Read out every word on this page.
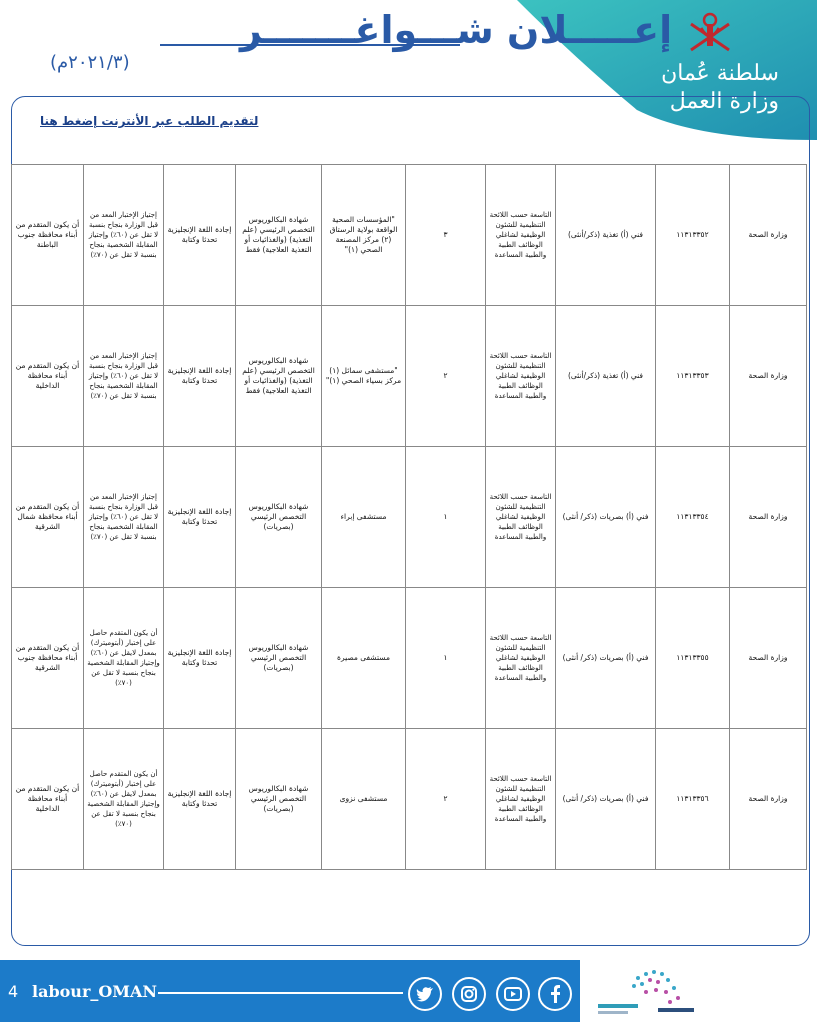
سلطنة عُمان
وزارة العمل
إعـــــلان شـــواغـــــــر
(٢٠٢١/٣م)
لتقديم الطلب عبر الأنترنت إضغط هنا
أن يكون المتقدم من أبناء محافظة جنوب الباطنة	إجتياز الإختبار المعد من قبل الوزارة بنجاح بنسبة لا تقل عن (٦٠٪) وإجتياز المقابلة الشخصية بنجاح بنسبة لا تقل عن (٧٠٪)	إجادة اللغة الإنجليزية تحدثا وكتابة	شهادة البكالوريوس التخصص الرئيسي (علم التغذية) (والغذائيات أو التغذية العلاجية) فقط	"المؤسسات الصحية الواقعة بولاية الرستاق (٢) مركز المصنعة الصحي (١)"	٣	التاسعة حسب اللائحة التنظيمية للشئون الوظيفية لشاغلي الوظائف الطبية والطبية المساعدة	فني (أ) تغذية (ذكر/أنثى)	١١٣١٣٣٥٢	وزارة الصحة
أن يكون المتقدم من أبناء محافظة الداخلية	إجتياز الإختبار المعد من قبل الوزارة بنجاح بنسبة لا تقل عن (٦٠٪) وإجتياز المقابلة الشخصية بنجاح بنسبة لا تقل عن (٧٠٪)	إجادة اللغة الإنجليزية تحدثا وكتابة	شهادة البكالوريوس التخصص الرئيسي (علم التغذية) (والغذائيات أو التغذية العلاجية) فقط	"مستشفى سمائل (١) مركز بسياء الصحي (١)"	٢	التاسعة حسب اللائحة التنظيمية للشئون الوظيفية لشاغلي الوظائف الطبية والطبية المساعدة	فني (أ) تغذية (ذكر/أنثى)	١١٣١٣٣٥٣	وزارة الصحة
أن يكون المتقدم من أبناء محافظة شمال الشرقية	إجتياز الإختبار المعد من قبل الوزارة بنجاح بنسبة لا تقل عن (٦٠٪) وإجتياز المقابلة الشخصية بنجاح بنسبة لا تقل عن (٧٠٪)	إجادة اللغة الإنجليزية تحدثا وكتابة	شهادة البكالوريوس التخصص الرئيسي (بصريات)	مستشفى إبراء	١	التاسعة حسب اللائحة التنظيمية للشئون الوظيفية لشاغلي الوظائف الطبية والطبية المساعدة	فني (أ) بصريات (ذكر/ أنثى)	١١٣١٣٣٥٤	وزارة الصحة
أن يكون المتقدم من أبناء محافظة جنوب الشرقية	أن يكون المتقدم حاصل على إختبار (أبتوميترك) بمعدل لايقل عن (٦٠٪) وإجتياز المقابلة الشخصية بنجاح بنسبة لا تقل عن (٧٠٪)	إجادة اللغة الإنجليزية تحدثا وكتابة	شهادة البكالوريوس التخصص الرئيسي (بصريات)	مستشفى مصيرة	١	التاسعة حسب اللائحة التنظيمية للشئون الوظيفية لشاغلي الوظائف الطبية والطبية المساعدة	فني (أ) بصريات (ذكر/ أنثى)	١١٣١٣٣٥٥	وزارة الصحة
أن يكون المتقدم من أبناء محافظة الداخلية	أن يكون المتقدم حاصل على إختبار (أبتوميترك) بمعدل لايقل عن (٦٠٪) وإجتياز المقابلة الشخصية بنجاح بنسبة لا تقل عن (٧٠٪)	إجادة اللغة الإنجليزية تحدثا وكتابة	شهادة البكالوريوس التخصص الرئيسي (بصريات)	مستشفى نزوى	٢	التاسعة حسب اللائحة التنظيمية للشئون الوظيفية لشاغلي الوظائف الطبية والطبية المساعدة	فني (أ) بصريات (ذكر/ أنثى)	١١٣١٣٣٥٦	وزارة الصحة
4 labour_OMAN
